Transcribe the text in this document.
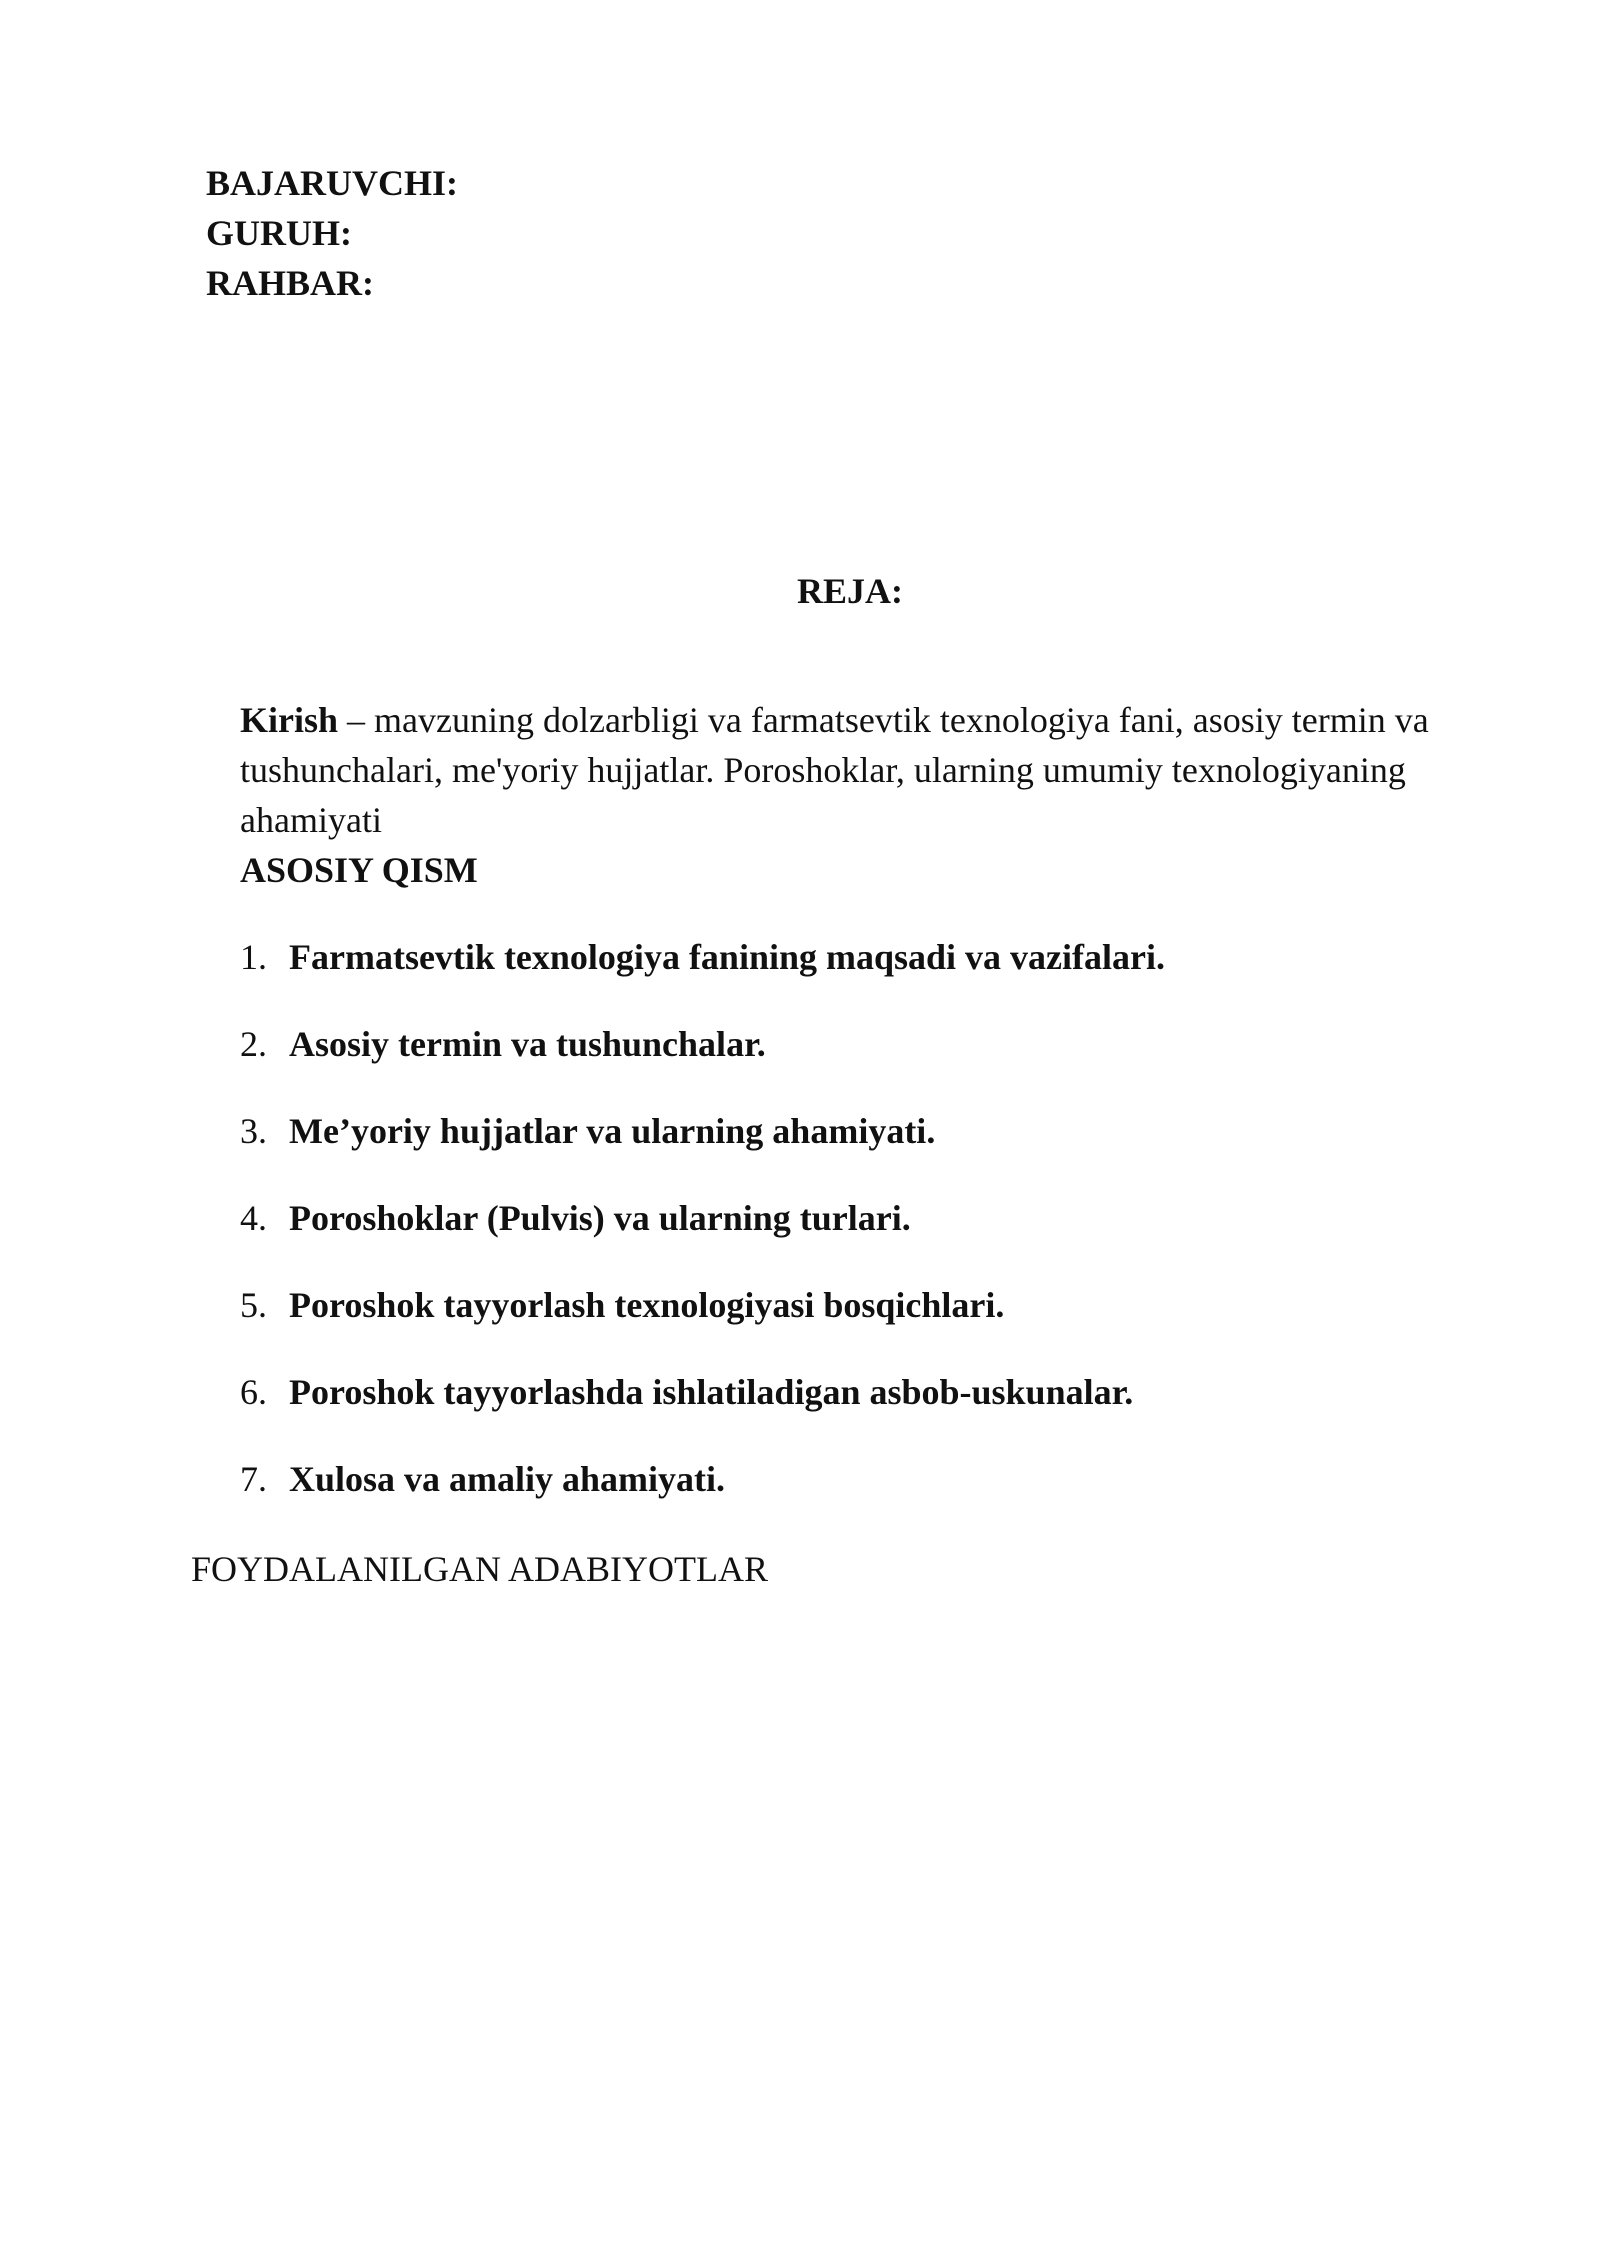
BAJARUVCHI:
GURUH:
RAHBAR:
REJA:
Kirish – mavzuning dolzarbligi va farmatsevtik texnologiya fani, asosiy termin va tushunchalari, me'yoriy hujjatlar. Poroshoklar, ularning umumiy texnologiyaning ahamiyati
ASOSIY QISM
1. Farmatsevtik texnologiya fanining maqsadi va vazifalari.
2. Asosiy termin va tushunchalar.
3. Me’yoriy hujjatlar va ularning ahamiyati.
4. Poroshoklar (Pulvis) va ularning turlari.
5. Poroshok tayyorlash texnologiyasi bosqichlari.
6. Poroshok tayyorlashda ishlatiladigan asbob-uskunalar.
7. Xulosa va amaliy ahamiyati.
FOYDALANILGAN ADABIYOTLAR
